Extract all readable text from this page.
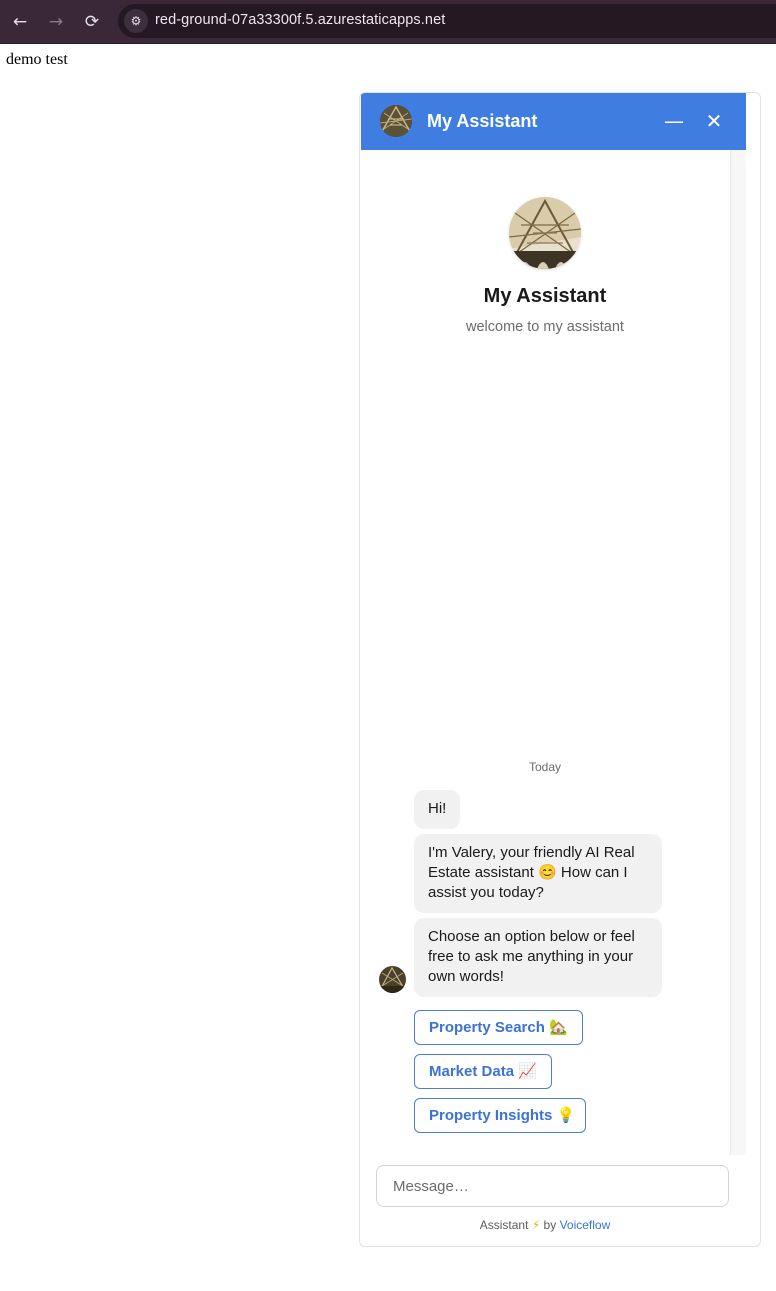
← → ⟳	⚙ red-ground-07a33300f.5.azurestaticapps.net
demo test
My Assistant	— ✕
My Assistant
welcome to my assistant
Today
Hi!
I'm Valery, your friendly AI Real Estate assistant 😊 How can I assist you today?
Choose an option below or feel free to ask me anything in your own words!
Property Search 🏡
Market Data 📈
Property Insights 💡
Message…
Assistant ⚡ by Voiceflow
